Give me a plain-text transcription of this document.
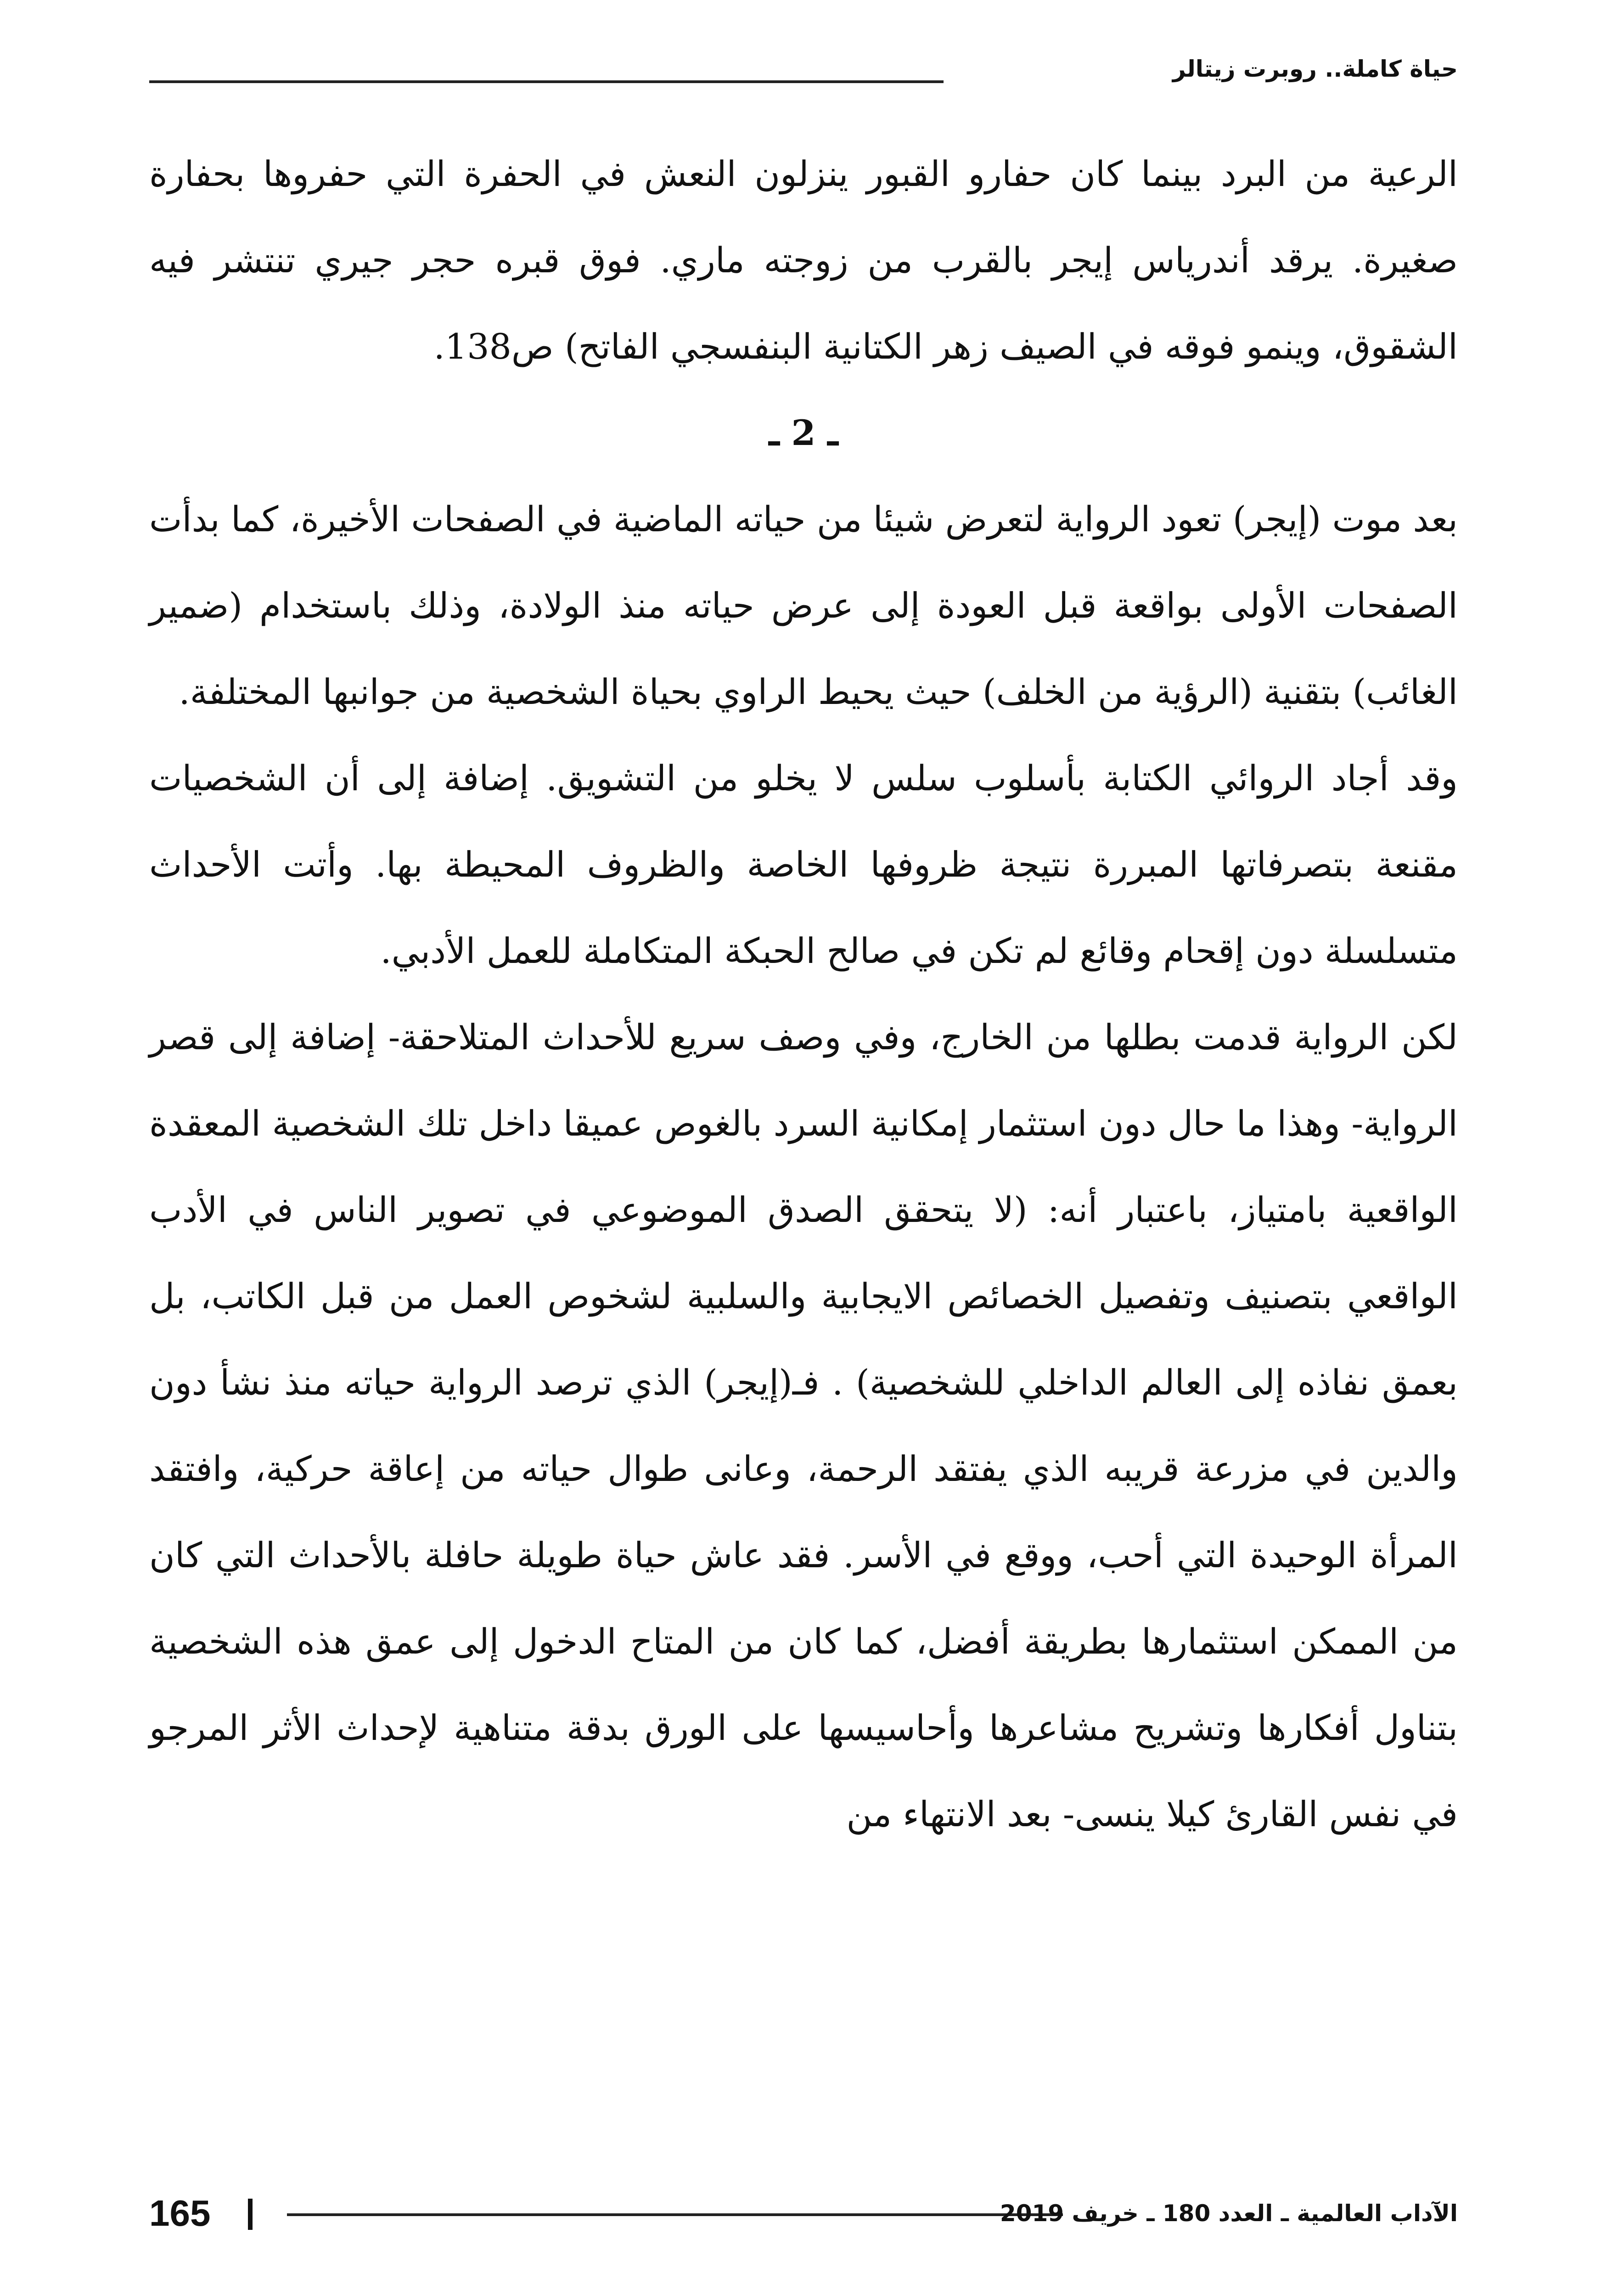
حياة كاملة.. روبرت زيتالر

الرعية من البرد بينما كان حفارو القبور ينزلون النعش في الحفرة التي حفروها بحفارة صغيرة. يرقد أندرياس إيجر بالقرب من زوجته ماري. فوق قبره حجر جيري تنتشر فيه الشقوق، وينمو فوقه في الصيف زهر الكتانية البنفسجي الفاتح) ص138.

ـ 2 ـ

بعد موت (إيجر) تعود الرواية لتعرض شيئا من حياته الماضية في الصفحات الأخيرة، كما بدأت الصفحات الأولى بواقعة قبل العودة إلى عرض حياته منذ الولادة، وذلك باستخدام (ضمير الغائب) بتقنية (الرؤية من الخلف) حيث يحيط الراوي بحياة الشخصية من جوانبها المختلفة.

وقد أجاد الروائي الكتابة بأسلوب سلس لا يخلو من التشويق. إضافة إلى أن الشخصيات مقنعة بتصرفاتها المبررة نتيجة ظروفها الخاصة والظروف المحيطة بها. وأتت الأحداث متسلسلة دون إقحام وقائع لم تكن في صالح الحبكة المتكاملة للعمل الأدبي.

لكن الرواية قدمت بطلها من الخارج، وفي وصف سريع للأحداث المتلاحقة- إضافة إلى قصر الرواية- وهذا ما حال دون استثمار إمكانية السرد بالغوص عميقا داخل تلك الشخصية المعقدة الواقعية بامتياز، باعتبار أنه: (لا يتحقق الصدق الموضوعي في تصوير الناس في الأدب الواقعي بتصنيف وتفصيل الخصائص الايجابية والسلبية لشخوص العمل من قبل الكاتب، بل بعمق نفاذه إلى العالم الداخلي للشخصية) . فـ(إيجر) الذي ترصد الرواية حياته منذ نشأ دون والدين في مزرعة قريبه الذي يفتقد الرحمة، وعانى طوال حياته من إعاقة حركية، وافتقد المرأة الوحيدة التي أحب، ووقع في الأسر. فقد عاش حياة طويلة حافلة بالأحداث التي كان من الممكن استثمارها بطريقة أفضل، كما كان من المتاح الدخول إلى عمق هذه الشخصية بتناول أفكارها وتشريح مشاعرها وأحاسيسها على الورق بدقة متناهية لإحداث الأثر المرجو في نفس القارئ كيلا ينسى- بعد الانتهاء من

165	الآداب العالمية ـ العدد 180 ـ خريف 2019
